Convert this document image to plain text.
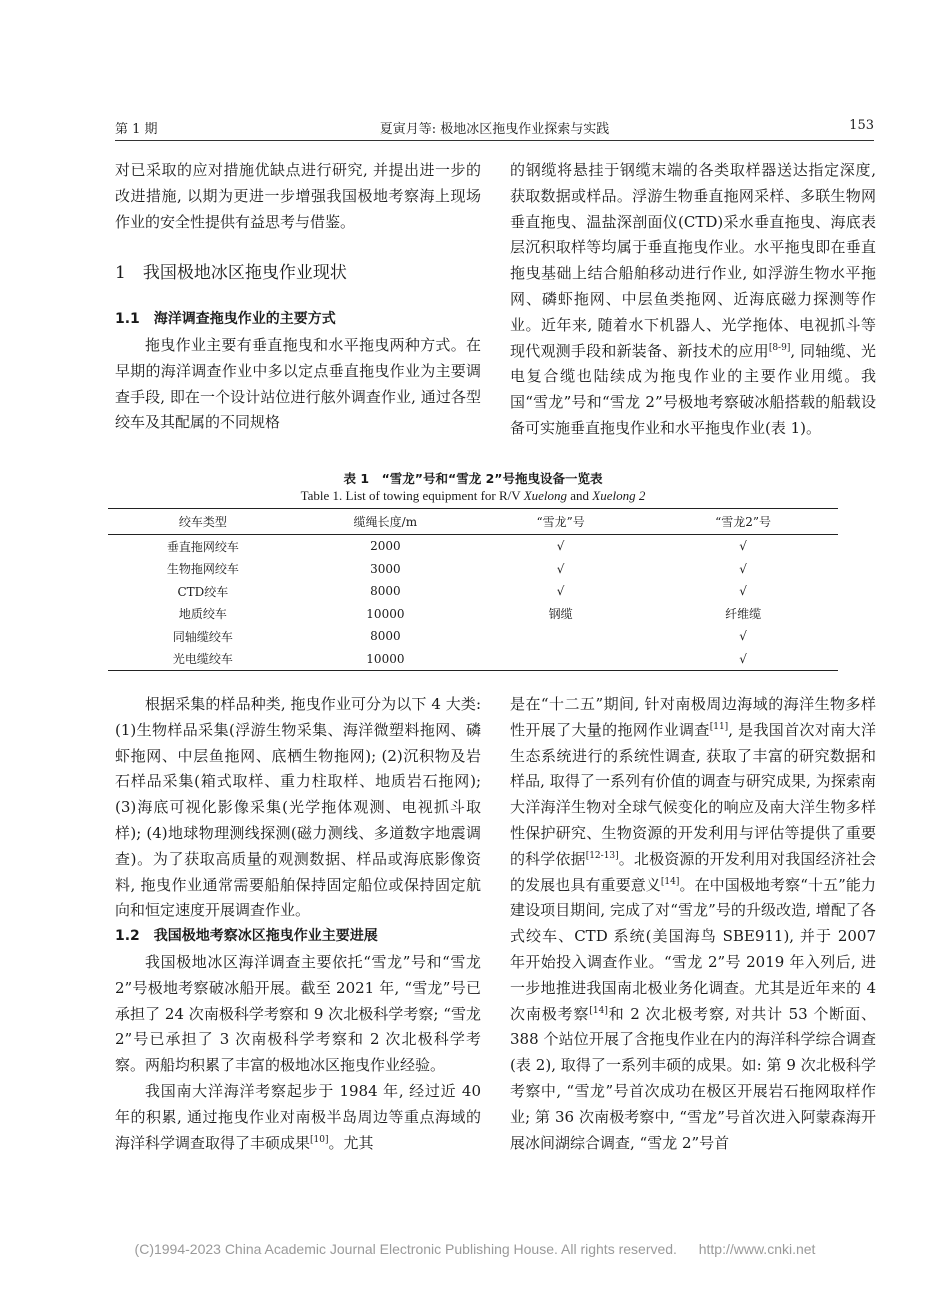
第 1 期	夏寅月等: 极地冰区拖曳作业探索与实践	153

对已采取的应对措施优缺点进行研究, 并提出进一步的改进措施, 以期为更进一步增强我国极地考察海上现场作业的安全性提供有益思考与借鉴。

1　我国极地冰区拖曳作业现状

1.1　海洋调查拖曳作业的主要方式

拖曳作业主要有垂直拖曳和水平拖曳两种方式。在早期的海洋调查作业中多以定点垂直拖曳作业为主要调查手段, 即在一个设计站位进行舷外调查作业, 通过各型绞车及其配属的不同规格

的钢缆将悬挂于钢缆末端的各类取样器送达指定深度, 获取数据或样品。浮游生物垂直拖网采样、多联生物网垂直拖曳、温盐深剖面仪(CTD)采水垂直拖曳、海底表层沉积取样等均属于垂直拖曳作业。水平拖曳即在垂直拖曳基础上结合船舶移动进行作业, 如浮游生物水平拖网、磷虾拖网、中层鱼类拖网、近海底磁力探测等作业。近年来, 随着水下机器人、光学拖体、电视抓斗等现代观测手段和新装备、新技术的应用[8-9], 同轴缆、光电复合缆也陆续成为拖曳作业的主要作业用缆。我国“雪龙”号和“雪龙 2”号极地考察破冰船搭载的船载设备可实施垂直拖曳作业和水平拖曳作业(表 1)。

表 1　“雪龙”号和“雪龙 2”号拖曳设备一览表
Table 1. List of towing equipment for R/V Xuelong and Xuelong 2
绞车类型	缆绳长度/m	“雪龙”号	“雪龙2”号
垂直拖网绞车	2000	√	√
生物拖网绞车	3000	√	√
CTD绞车	8000	√	√
地质绞车	10000	钢缆	纤维缆
同轴缆绞车	8000		√
光电缆绞车	10000		√

根据采集的样品种类, 拖曳作业可分为以下 4 大类: (1)生物样品采集(浮游生物采集、海洋微塑料拖网、磷虾拖网、中层鱼拖网、底栖生物拖网); (2)沉积物及岩石样品采集(箱式取样、重力柱取样、地质岩石拖网); (3)海底可视化影像采集(光学拖体观测、电视抓斗取样); (4)地球物理测线探测(磁力测线、多道数字地震调查)。为了获取高质量的观测数据、样品或海底影像资料, 拖曳作业通常需要船舶保持固定船位或保持固定航向和恒定速度开展调查作业。

1.2　我国极地考察冰区拖曳作业主要进展

我国极地冰区海洋调查主要依托“雪龙”号和“雪龙 2”号极地考察破冰船开展。截至 2021 年, “雪龙”号已承担了 24 次南极科学考察和 9 次北极科学考察; “雪龙 2”号已承担了 3 次南极科学考察和 2 次北极科学考察。两船均积累了丰富的极地冰区拖曳作业经验。

我国南大洋海洋考察起步于 1984 年, 经过近 40 年的积累, 通过拖曳作业对南极半岛周边等重点海域的海洋科学调查取得了丰硕成果[10]。尤其

是在“十二五”期间, 针对南极周边海域的海洋生物多样性开展了大量的拖网作业调查[11], 是我国首次对南大洋生态系统进行的系统性调查, 获取了丰富的研究数据和样品, 取得了一系列有价值的调查与研究成果, 为探索南大洋海洋生物对全球气候变化的响应及南大洋生物多样性保护研究、生物资源的开发利用与评估等提供了重要的科学依据[12-13]。北极资源的开发利用对我国经济社会的发展也具有重要意义[14]。在中国极地考察“十五”能力建设项目期间, 完成了对“雪龙”号的升级改造, 增配了各式绞车、CTD 系统(美国海鸟 SBE911), 并于 2007 年开始投入调查作业。“雪龙 2”号 2019 年入列后, 进一步地推进我国南北极业务化调查。尤其是近年来的 4 次南极考察[14]和 2 次北极考察, 对共计 53 个断面、388 个站位开展了含拖曳作业在内的海洋科学综合调查(表 2), 取得了一系列丰硕的成果。如: 第 9 次北极科学考察中, “雪龙”号首次成功在极区开展岩石拖网取样作业; 第 36 次南极考察中, “雪龙”号首次进入阿蒙森海开展冰间湖综合调查, “雪龙 2”号首

(C)1994-2023 China Academic Journal Electronic Publishing House. All rights reserved. http://www.cnki.net
